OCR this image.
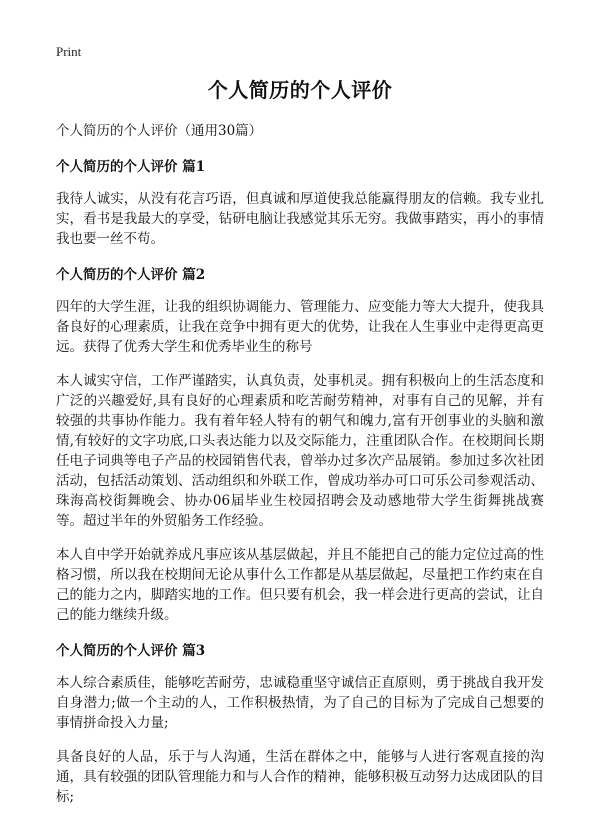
Print
个人简历的个人评价
个人简历的个人评价（通用30篇）
个人简历的个人评价 篇1
我待人诚实，从没有花言巧语，但真诚和厚道使我总能赢得朋友的信赖。我专业扎实，看书是我最大的享受，钻研电脑让我感觉其乐无穷。我做事踏实，再小的事情我也要一丝不苟。
个人简历的个人评价 篇2
四年的大学生涯，让我的组织协调能力、管理能力、应变能力等大大提升，使我具备良好的心理素质，让我在竞争中拥有更大的优势，让我在人生事业中走得更高更远。获得了优秀大学生和优秀毕业生的称号
本人诚实守信，工作严谨踏实，认真负责，处事机灵。拥有积极向上的生活态度和广泛的兴趣爱好,具有良好的心理素质和吃苦耐劳精神，对事有自己的见解，并有较强的共事协作能力。我有着年轻人特有的朝气和魄力,富有开创事业的头脑和激情,有较好的文字功底,口头表达能力以及交际能力，注重团队合作。在校期间长期任电子词典等电子产品的校园销售代表，曾举办过多次产品展销。参加过多次社团活动，包括活动策划、活动组织和外联工作，曾成功举办可口可乐公司参观活动、珠海高校街舞晚会、协办06届毕业生校园招聘会及动感地带大学生街舞挑战赛等。超过半年的外贸船务工作经验。
本人自中学开始就养成凡事应该从基层做起，并且不能把自己的能力定位过高的性格习惯，所以我在校期间无论从事什么工作都是从基层做起，尽量把工作约束在自己的能力之内，脚踏实地的工作。但只要有机会，我一样会进行更高的尝试，让自己的能力继续升级。
个人简历的个人评价 篇3
本人综合素质佳，能够吃苦耐劳，忠诚稳重坚守诚信正直原则，勇于挑战自我开发自身潜力;做一个主动的人，工作积极热情，为了自己的目标为了完成自己想要的事情拼命投入力量;
具备良好的人品，乐于与人沟通，生活在群体之中，能够与人进行客观直接的沟通，具有较强的团队管理能力和与人合作的精神，能够积极互动努力达成团队的目标;
